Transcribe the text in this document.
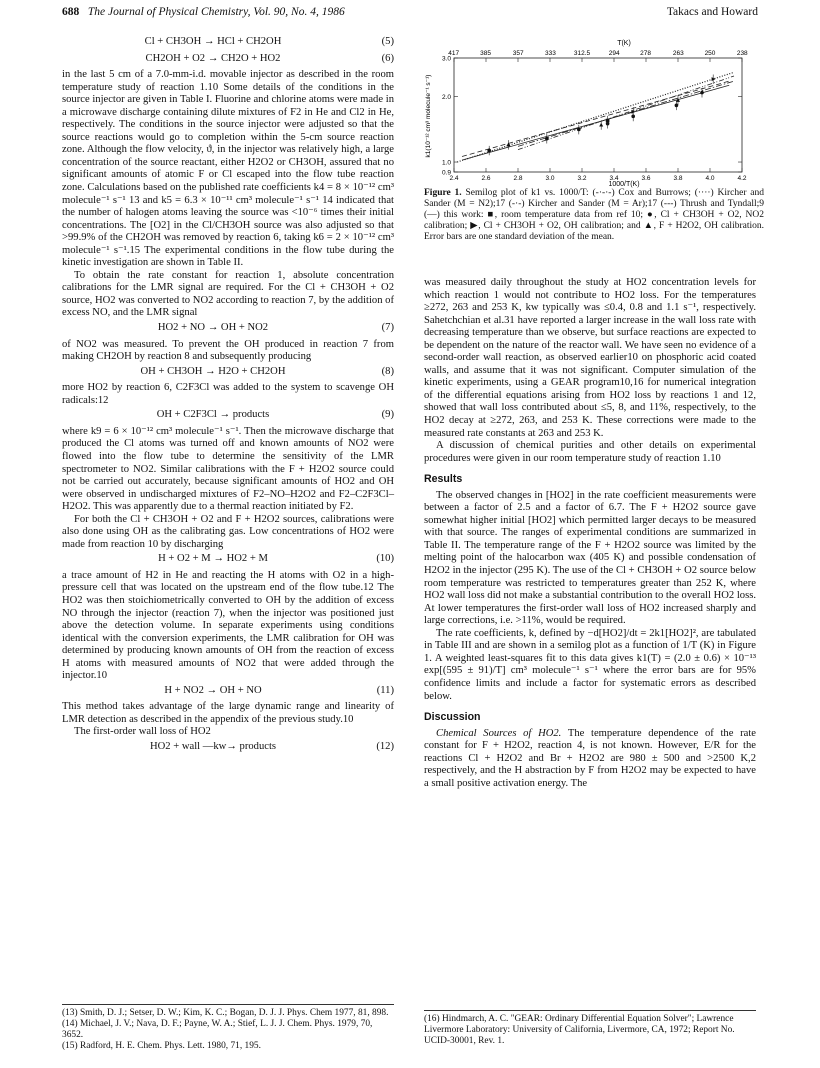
688 The Journal of Physical Chemistry, Vol. 90, No. 4, 1986	Takacs and Howard
Cl + CH3OH → HCl + CH2OH	(5)
CH2OH + O2 → CH2O + HO2	(6)

in the last 5 cm of a 7.0-mm-i.d. movable injector as described in the room temperature study of reaction 1.10 Some details of the conditions in the source injector are given in Table I. Fluorine and chlorine atoms were made in a microwave discharge containing dilute mixtures of F2 in He and Cl2 in He, respectively. The conditions in the source injector were adjusted so that the source reactions would go to completion within the 5-cm source reaction zone. Although the flow velocity, ϑ, in the injector was relatively high, a large concentration of the source reactant, either H2O2 or CH3OH, assured that no significant amounts of atomic F or Cl escaped into the flow tube reaction zone. Calculations based on the published rate coefficients k4 = 8 × 10⁻¹² cm³ molecule⁻¹ s⁻¹ 13 and k5 = 6.3 × 10⁻¹¹ cm³ molecule⁻¹ s⁻¹ 14 indicated that the number of halogen atoms leaving the source was <10⁻⁶ times their initial concentrations. The [O2] in the Cl/CH3OH source was also adjusted so that >99.9% of the CH2OH was removed by reaction 6, taking k6 = 2 × 10⁻¹² cm³ molecule⁻¹ s⁻¹.15 The experimental conditions in the flow tube during the kinetic investigation are shown in Table II.

To obtain the rate constant for reaction 1, absolute concentration calibrations for the LMR signal are required. For the Cl + CH3OH + O2 source, HO2 was converted to NO2 according to reaction 7, by the addition of excess NO, and the LMR signal

HO2 + NO → OH + NO2	(7)

of NO2 was measured. To prevent the OH produced in reaction 7 from making CH2OH by reaction 8 and subsequently producing

OH + CH3OH → H2O + CH2OH	(8)

more HO2 by reaction 6, C2F3Cl was added to the system to scavenge OH radicals:12

OH + C2F3Cl → products	(9)

where k9 = 6 × 10⁻¹² cm³ molecule⁻¹ s⁻¹. Then the microwave discharge that produced the Cl atoms was turned off and known amounts of NO2 were flowed into the flow tube to determine the sensitivity of the LMR spectrometer to NO2. Similar calibrations with the F + H2O2 source could not be carried out accurately, because significant amounts of HO2 and OH were observed in undischarged mixtures of F2–NO–H2O2 and F2–C2F3Cl–H2O2. This was apparently due to a thermal reaction initiated by F2.

For both the Cl + CH3OH + O2 and F + H2O2 sources, calibrations were also done using OH as the calibrating gas. Low concentrations of HO2 were made from reaction 10 by discharging

H + O2 + M → HO2 + M	(10)

a trace amount of H2 in He and reacting the H atoms with O2 in a high-pressure cell that was located on the upstream end of the flow tube.12 The HO2 was then stoichiometrically converted to OH by the addition of excess NO through the injector (reaction 7), when the injector was positioned just above the detection volume. In separate experiments using conditions identical with the conversion experiments, the LMR calibration for OH was determined by producing known amounts of OH from the reaction of excess H atoms with measured amounts of NO2 that were added through the injector.10

H + NO2 → OH + NO	(11)

This method takes advantage of the large dynamic range and linearity of LMR detection as described in the appendix of the previous study.10

The first-order wall loss of HO2

HO2 + wall —kw→ products	(12)
(13) Smith, D. J.; Setser, D. W.; Kim, K. C.; Bogan, D. J. J. Phys. Chem 1977, 81, 898.
(14) Michael, J. V.; Nava, D. F.; Payne, W. A.; Stief, L. J. J. Chem. Phys. 1979, 70, 3652.
(15) Radford, H. E. Chem. Phys. Lett. 1980, 71, 195.
T(K)
k1(10⁻¹² cm³ molecule⁻¹ s⁻¹)
1000/T(K)
2.4	2.6	2.8	3.0	3.2	3.4	3.6	3.8	4.0	4.2
0.9
1.0
2.0
3.0
417	385	357	333	312.5	294	278	263	250	238
Figure 1. Semilog plot of k1 vs. 1000/T: (-·-·-) Cox and Burrows; (····) Kircher and Sander (M = N2);17 (-·-) Kircher and Sander (M = Ar);17 (---) Thrush and Tyndall;9 (—) this work: ■, room temperature data from ref 10; ●, Cl + CH3OH + O2, NO2 calibration; ▶, Cl + CH3OH + O2, OH calibration; and ▲, F + H2O2, OH calibration. Error bars are one standard deviation of the mean.

was measured daily throughout the study at HO2 concentration levels for which reaction 1 would not contribute to HO2 loss. For the temperatures ≥272, 263 and 253 K, kw typically was ≤0.4, 0.8 and 1.1 s⁻¹, respectively. Sahetchchian et al.31 have reported a larger increase in the wall loss rate with decreasing temperature than we observe, but surface reactions are expected to be dependent on the nature of the reactor wall. We have seen no evidence of a second-order wall reaction, as observed earlier10 on phosphoric acid coated walls, and assume that it was not significant. Computer simulation of the kinetic experiments, using a GEAR program10,16 for numerical integration of the differential equations arising from HO2 loss by reactions 1 and 12, showed that wall loss contributed about ≤5, 8, and 11%, respectively, to the HO2 decay at ≥272, 263, and 253 K. These corrections were made to the measured rate constants at 263 and 253 K.

A discussion of chemical purities and other details on experimental procedures were given in our room temperature study of reaction 1.10

Results

The observed changes in [HO2] in the rate coefficient measurements were between a factor of 2.5 and a factor of 6.7. The F + H2O2 source gave somewhat higher initial [HO2] which permitted larger decays to be measured with that source. The ranges of experimental conditions are summarized in Table II. The temperature range of the F + H2O2 source was limited by the melting point of the halocarbon wax (405 K) and possible condensation of H2O2 in the injector (295 K). The use of the Cl + CH3OH + O2 source below room temperature was restricted to temperatures greater than 252 K, where HO2 wall loss did not make a substantial contribution to the overall HO2 loss. At lower temperatures the first-order wall loss of HO2 increased sharply and large corrections, i.e. >11%, would be required.

The rate coefficients, k, defined by −d[HO2]/dt = 2k1[HO2]², are tabulated in Table III and are shown in a semilog plot as a function of 1/T (K) in Figure 1. A weighted least-squares fit to this data gives k1(T) = (2.0 ± 0.6) × 10⁻¹³ exp[(595 ± 91)/T] cm³ molecule⁻¹ s⁻¹ where the error bars are for 95% confidence limits and include a factor for systematic errors as described below.

Discussion

Chemical Sources of HO2. The temperature dependence of the rate constant for F + H2O2, reaction 4, is not known. However, E/R for the reactions Cl + H2O2 and Br + H2O2 are 980 ± 500 and >2500 K,2 respectively, and the H abstraction by F from H2O2 may be expected to have a small positive activation energy. The

(16) Hindmarch, A. C. "GEAR: Ordinary Differential Equation Solver"; Lawrence Livermore Laboratory: University of California, Livermore, CA, 1972; Report No. UCID-30001, Rev. 1.
